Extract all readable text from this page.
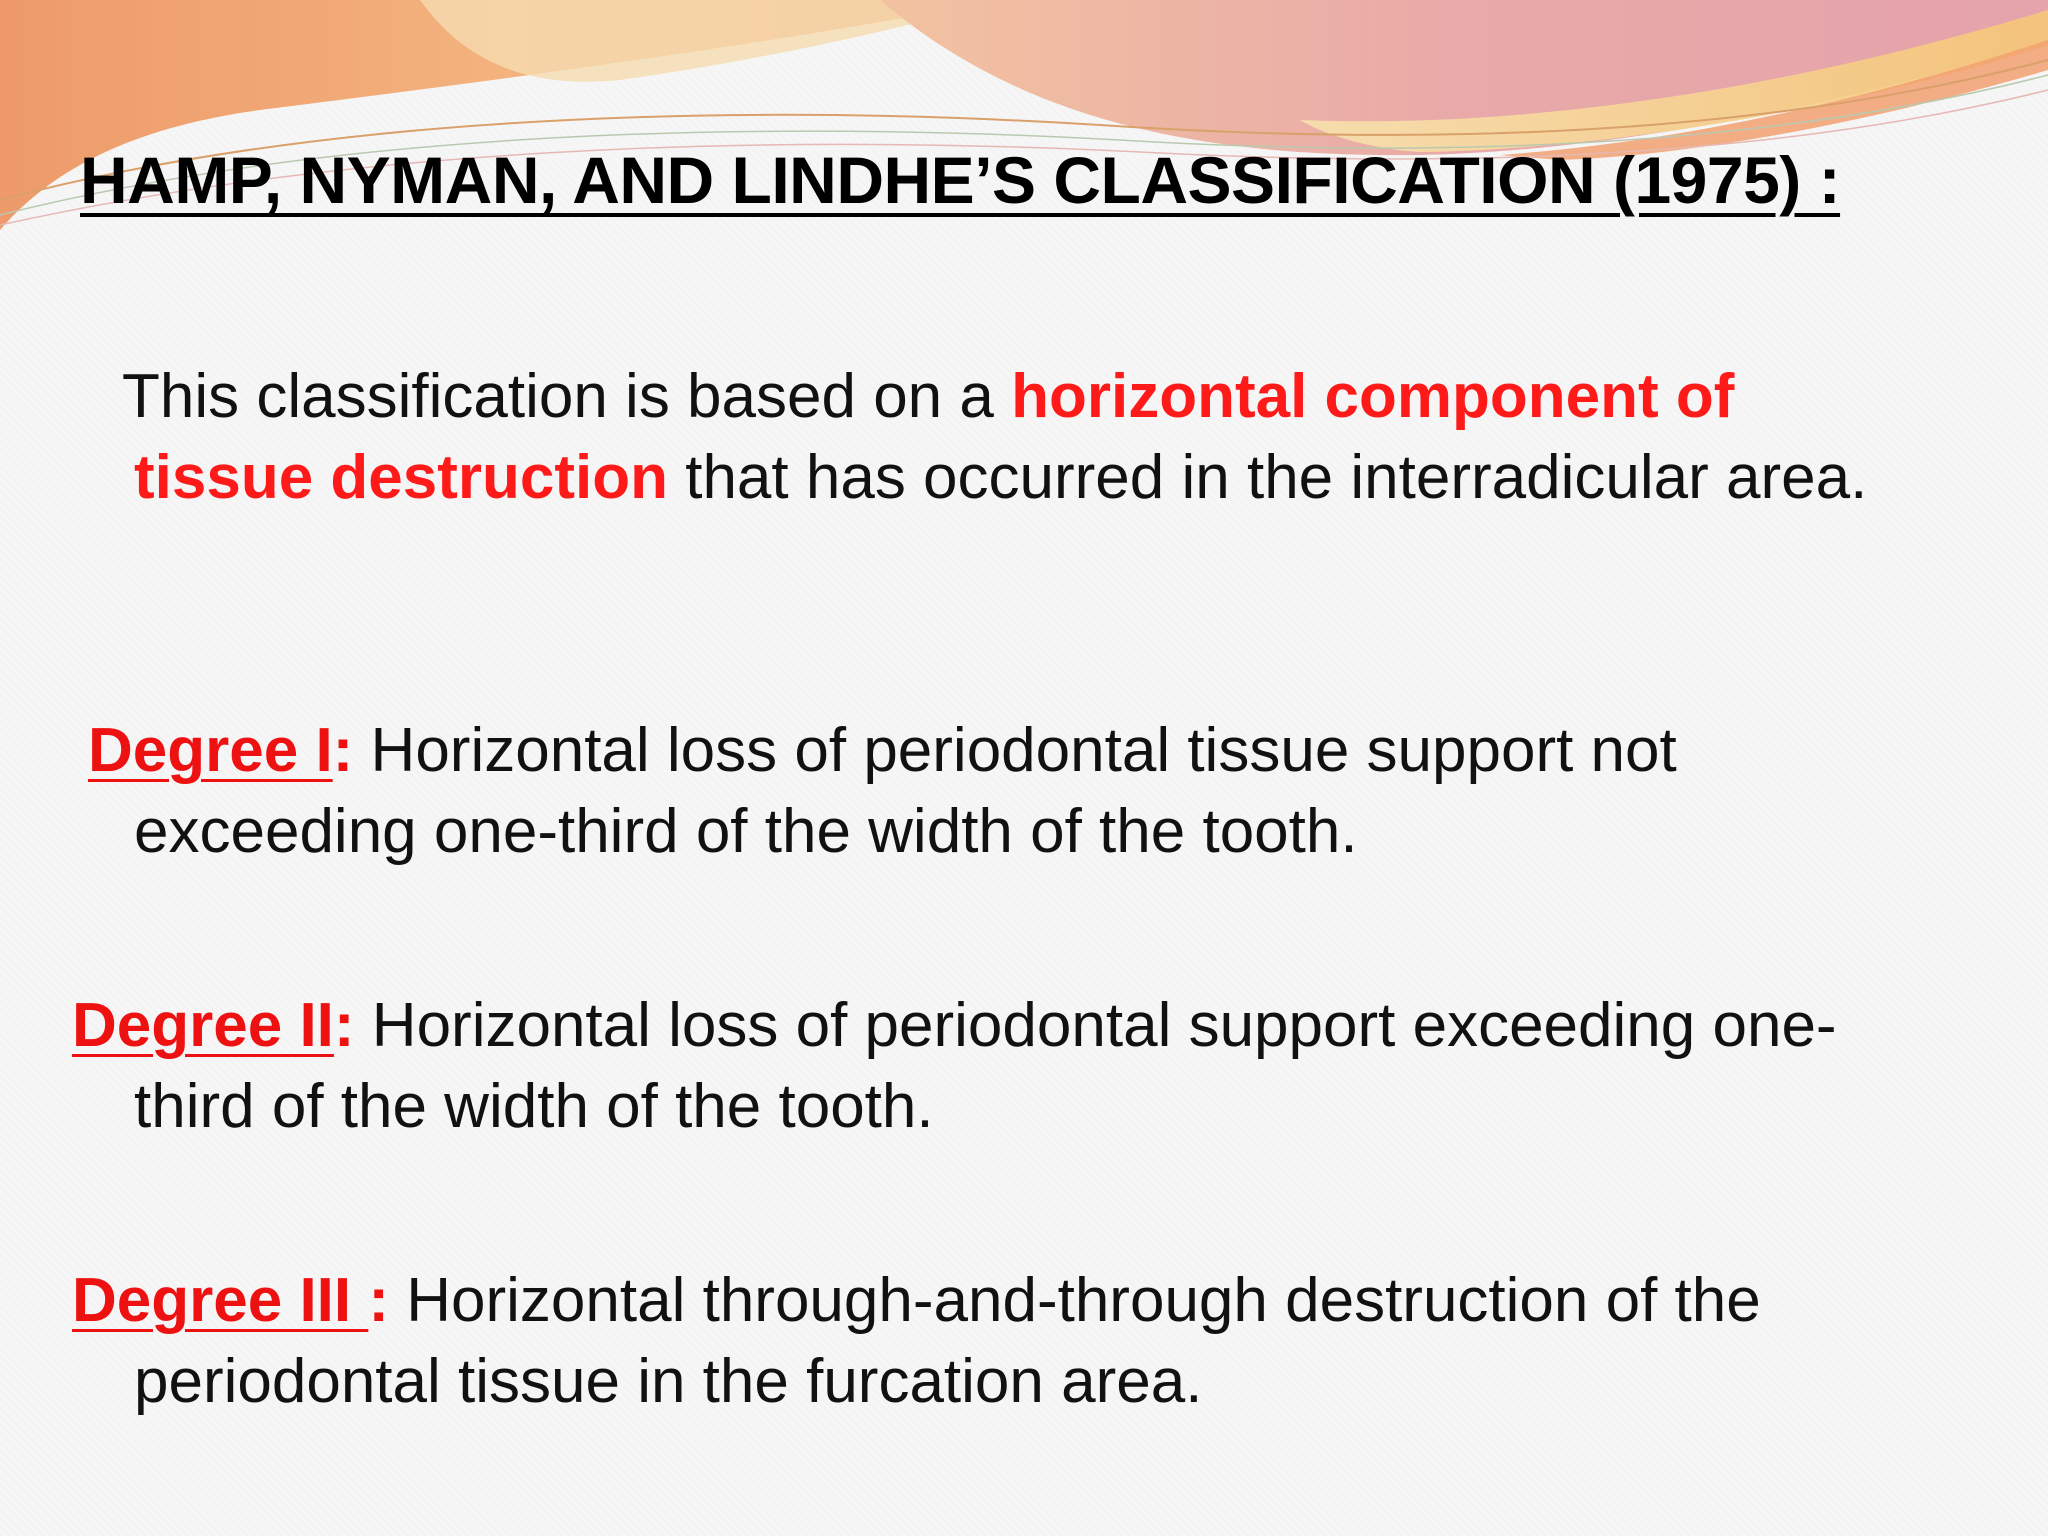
HAMP, NYMAN, AND LINDHE’S CLASSIFICATION (1975) :

This classification is based on a horizontal component of tissue destruction that has occurred in the interradicular area.

Degree I: Horizontal loss of periodontal tissue support not exceeding one-third of the width of the tooth.

Degree II: Horizontal loss of periodontal support exceeding one-third of the width of the tooth.

Degree III : Horizontal through-and-through destruction of the periodontal tissue in the furcation area.
